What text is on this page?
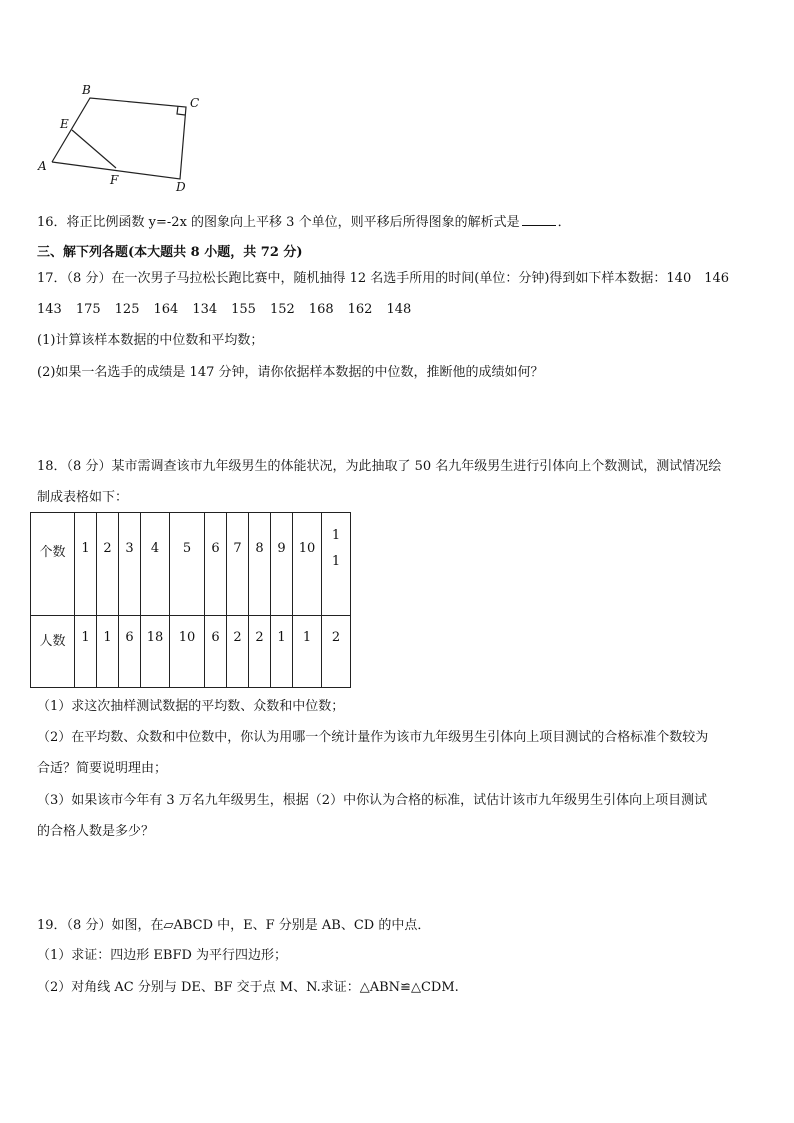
B
C
E
A
F	D
16．将正比例函数 y=-2x 的图象向上平移 3 个单位，则平移后所得图象的解析式是	．
三、解下列各题(本大题共 8 小题，共 72 分)
17．（8 分）在一次男子马拉松长跑比赛中，随机抽得 12 名选手所用的时间(单位：分钟)得到如下样本数据：140　146
143 175 125 164 134 155 152 168 162 148
(1)计算该样本数据的中位数和平均数；
(2)如果一名选手的成绩是 147 分钟，请你依据样本数据的中位数，推断他的成绩如何？
18．（8 分）某市需调查该市九年级男生的体能状况，为此抽取了 50 名九年级男生进行引体向上个数测试，测试情况绘
制成表格如下：
个数	1	2	3	4	5	6	7	8	9	10	1
1

人数	1	1	6	18	10	6	2	2	1	1	2
（1）求这次抽样测试数据的平均数、众数和中位数；
（2）在平均数、众数和中位数中，你认为用哪一个统计量作为该市九年级男生引体向上项目测试的合格标准个数较为
合适？简要说明理由；
（3）如果该市今年有 3 万名九年级男生，根据（2）中你认为合格的标准，试估计该市九年级男生引体向上项目测试
的合格人数是多少？
19．（8 分）如图，在▱ABCD 中，E、F 分别是 AB、CD 的中点．
（1）求证：四边形 EBFD 为平行四边形；
（2）对角线 AC 分别与 DE、BF 交于点 M、N.求证：△ABN≌△CDM.
